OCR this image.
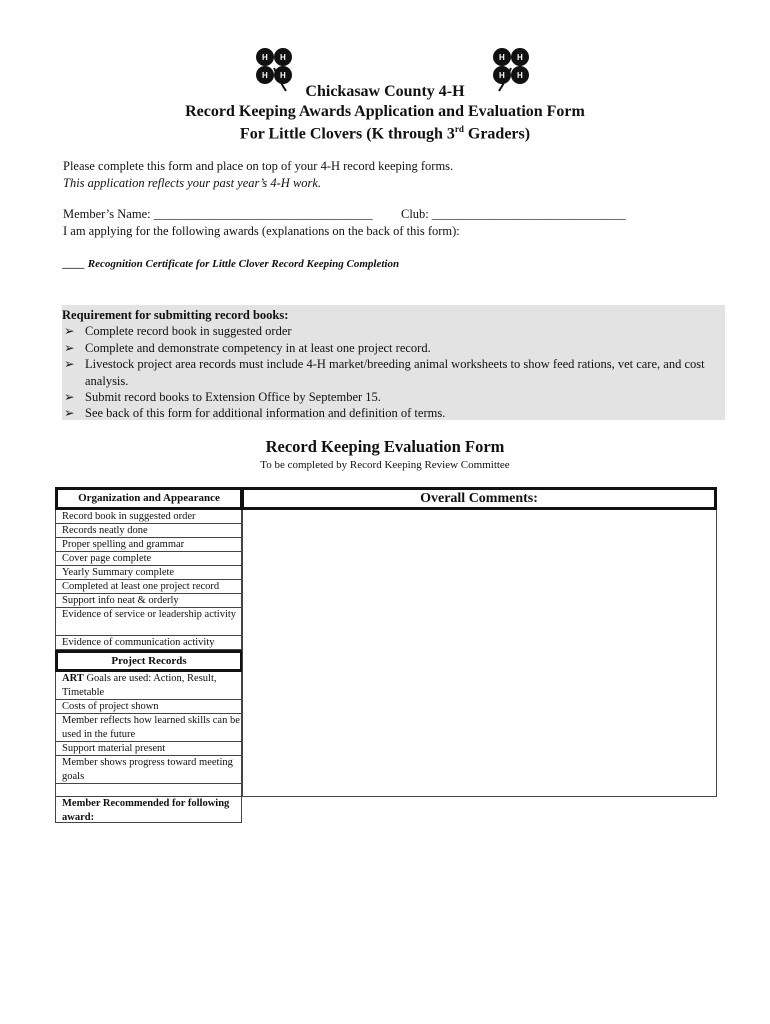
H H
H H
H H
H H
Chickasaw County 4-H
Record Keeping Awards Application and Evaluation Form
For Little Clovers (K through 3rd Graders)
Please complete this form and place on top of your 4-H record keeping forms.
This application reflects your past year’s 4-H work.
Member’s Name: ___________________________________ Club: _______________________________
I am applying for the following awards (explanations on the back of this form):
____ Recognition Certificate for Little Clover Record Keeping Completion
Requirement for submitting record books:
➢ Complete record book in suggested order
➢ Complete and demonstrate competency in at least one project record.
➢ Livestock project area records must include 4-H market/breeding animal worksheets to show feed rations, vet care, and cost analysis.
➢ Submit record books to Extension Office by September 15.
➢ See back of this form for additional information and definition of terms.
Record Keeping Evaluation Form
To be completed by Record Keeping Review Committee
Organization and Appearance
Record book in suggested order
Records neatly done
Proper spelling and grammar
Cover page complete
Yearly Summary complete
Completed at least one project record
Support info neat & orderly
Evidence of service or leadership activity
Evidence of communication activity
Project Records
ART Goals are used: Action, Result, Timetable
Costs of project shown
Member reflects how learned skills can be used in the future
Support material present
Member shows progress toward meeting goals
Member Recommended for following award:
Overall Comments:
